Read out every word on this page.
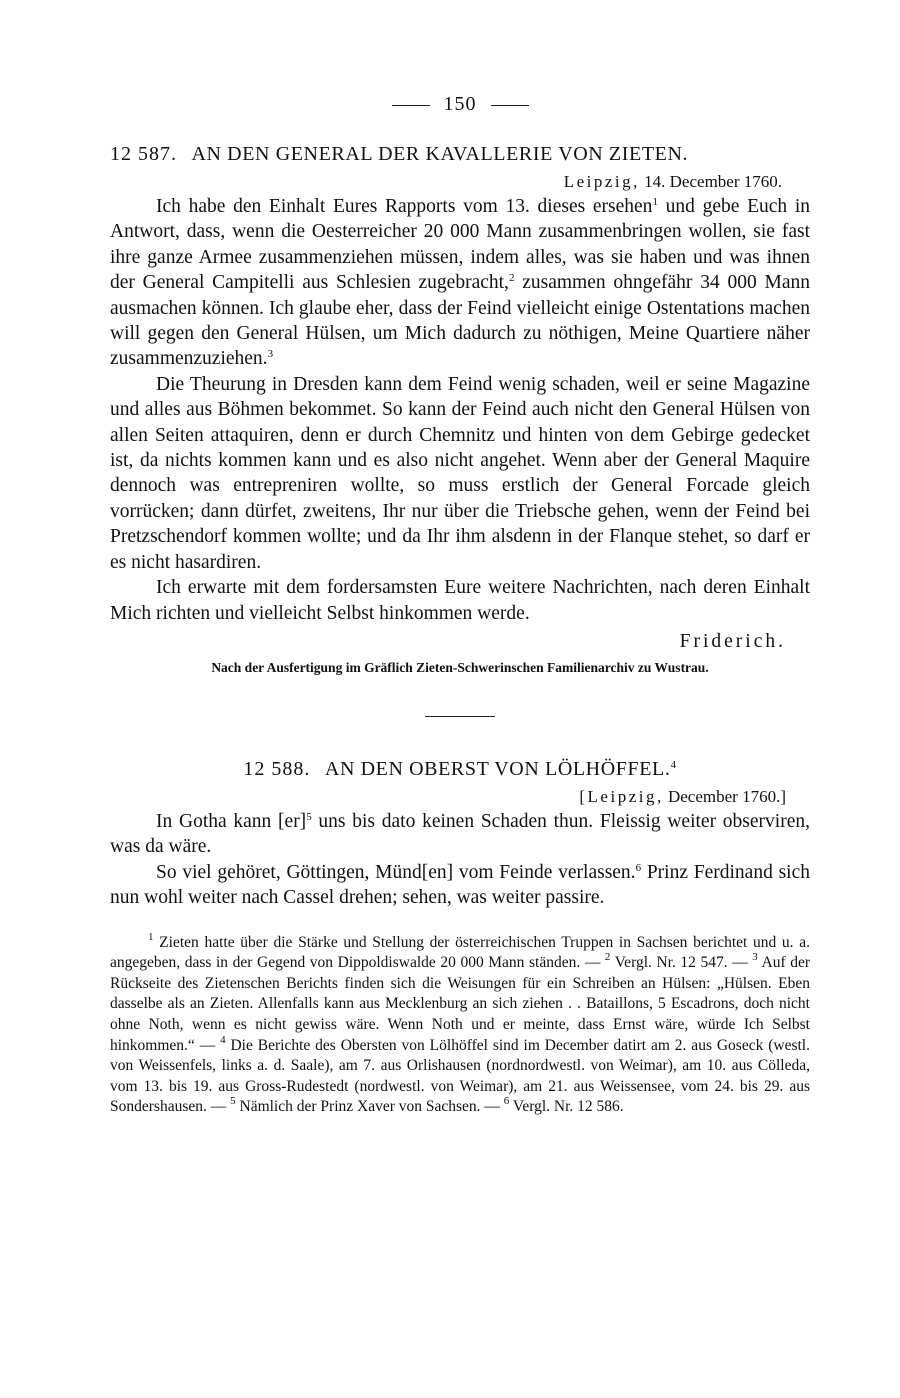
150
12 587. AN DEN GENERAL DER KAVALLERIE VON ZIETEN.
Leipzig, 14. December 1760.

Ich habe den Einhalt Eures Rapports vom 13. dieses ersehen$^1$ und gebe Euch in Antwort, dass, wenn die Oesterreicher 20 000 Mann zusammenbringen wollen, sie fast ihre ganze Armee zusammenziehen müssen, indem alles, was sie haben und was ihnen der General Campitelli aus Schlesien zugebracht,$^2$ zusammen ohngefähr 34 000 Mann ausmachen können. Ich glaube eher, dass der Feind vielleicht einige Ostentations machen will gegen den General Hülsen, um Mich dadurch zu nöthigen, Meine Quartiere näher zusammenzuziehen.$^3$

Die Theurung in Dresden kann dem Feind wenig schaden, weil er seine Magazine und alles aus Böhmen bekommet. So kann der Feind auch nicht den General Hülsen von allen Seiten attaquiren, denn er durch Chemnitz und hinten von dem Gebirge gedecket ist, da nichts kommen kann und es also nicht angehet. Wenn aber der General Maquire dennoch was entrepreniren wollte, so muss erstlich der General Forcade gleich vorrücken; dann dürfet, zweitens, Ihr nur über die Triebsche gehen, wenn der Feind bei Pretzschendorf kommen wollte; und da Ihr ihm alsdenn in der Flanque stehet, so darf er es nicht hasardiren.

Ich erwarte mit dem fordersamsten Eure weitere Nachrichten, nach deren Einhalt Mich richten und vielleicht Selbst hinkommen werde.

Friderich.
Nach der Ausfertigung im Gräflich Zieten-Schwerinschen Familienarchiv zu Wustrau.
12 588. AN DEN OBERST VON LÖLHÖFFEL.$^4$
[Leipzig, December 1760.]

In Gotha kann [er]$^5$ uns bis dato keinen Schaden thun. Fleissig weiter observiren, was da wäre.

So viel gehöret, Göttingen, Münd[en] vom Feinde verlassen.$^6$ Prinz Ferdinand sich nun wohl weiter nach Cassel drehen; sehen, was weiter passire.

$^1$ Zieten hatte über die Stärke und Stellung der österreichischen Truppen in Sachsen berichtet und u. a. angegeben, dass in der Gegend von Dippoldiswalde 20 000 Mann ständen. — $^2$ Vergl. Nr. 12 547. — $^3$ Auf der Rückseite des Zietenschen Berichts finden sich die Weisungen für ein Schreiben an Hülsen: „Hülsen. Eben dasselbe als an Zieten. Allenfalls kann aus Mecklenburg an sich ziehen . . Bataillons, 5 Escadrons, doch nicht ohne Noth, wenn es nicht gewiss wäre. Wenn Noth und er meinte, dass Ernst wäre, würde Ich Selbst hinkommen.“ — $^4$ Die Berichte des Obersten von Lölhöffel sind im December datirt am 2. aus Goseck (westl. von Weissenfels, links a. d. Saale), am 7. aus Orlishausen (nordnordwestl. von Weimar), am 10. aus Cölleda, vom 13. bis 19. aus Gross-Rudestedt (nordwestl. von Weimar), am 21. aus Weissensee, vom 24. bis 29. aus Sondershausen. — $^5$ Nämlich der Prinz Xaver von Sachsen. — $^6$ Vergl. Nr. 12 586.
